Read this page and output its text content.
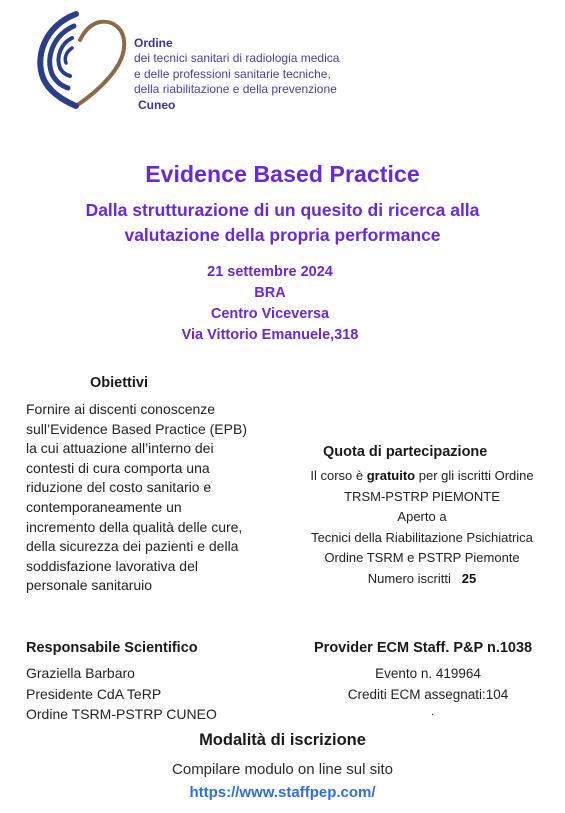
Ordine
dei tecnici sanitari di radiologia medica
e delle professioni sanitarie tecniche,
della riabilitazione e della prevenzione
Cuneo
Evidence Based Practice
Dalla strutturazione di un quesito di ricerca alla
valutazione della propria performance
21 settembre 2024
BRA
Centro Viceversa
Via Vittorio Emanuele,318
Obiettivi
Fornire ai discenti conoscenze
sull’Evidence Based Practice (EPB)
la cui attuazione all’interno dei
contesti di cura comporta una
riduzione del costo sanitario e
contemporaneamente un
incremento della qualità delle cure,
della sicurezza dei pazienti e della
soddisfazione lavorativa del
personale sanitaruio
Quota di partecipazione
Il corso è gratuito per gli iscritti Ordine
TRSM-PSTRP PIEMONTE
Aperto a
Tecnici della Riabilitazione Psichiatrica
Ordine TSRM e PSTRP Piemonte
Numero iscritti 25
Responsabile Scientifico
Graziella Barbaro
Presidente CdA TeRP
Ordine TSRM-PSTRP CUNEO
Provider ECM Staff. P&P n.1038
Evento n. 419964
Crediti ECM assegnati:104
.
Modalità di iscrizione
Compilare modulo on line sul sito
https://www.staffpep.com/
